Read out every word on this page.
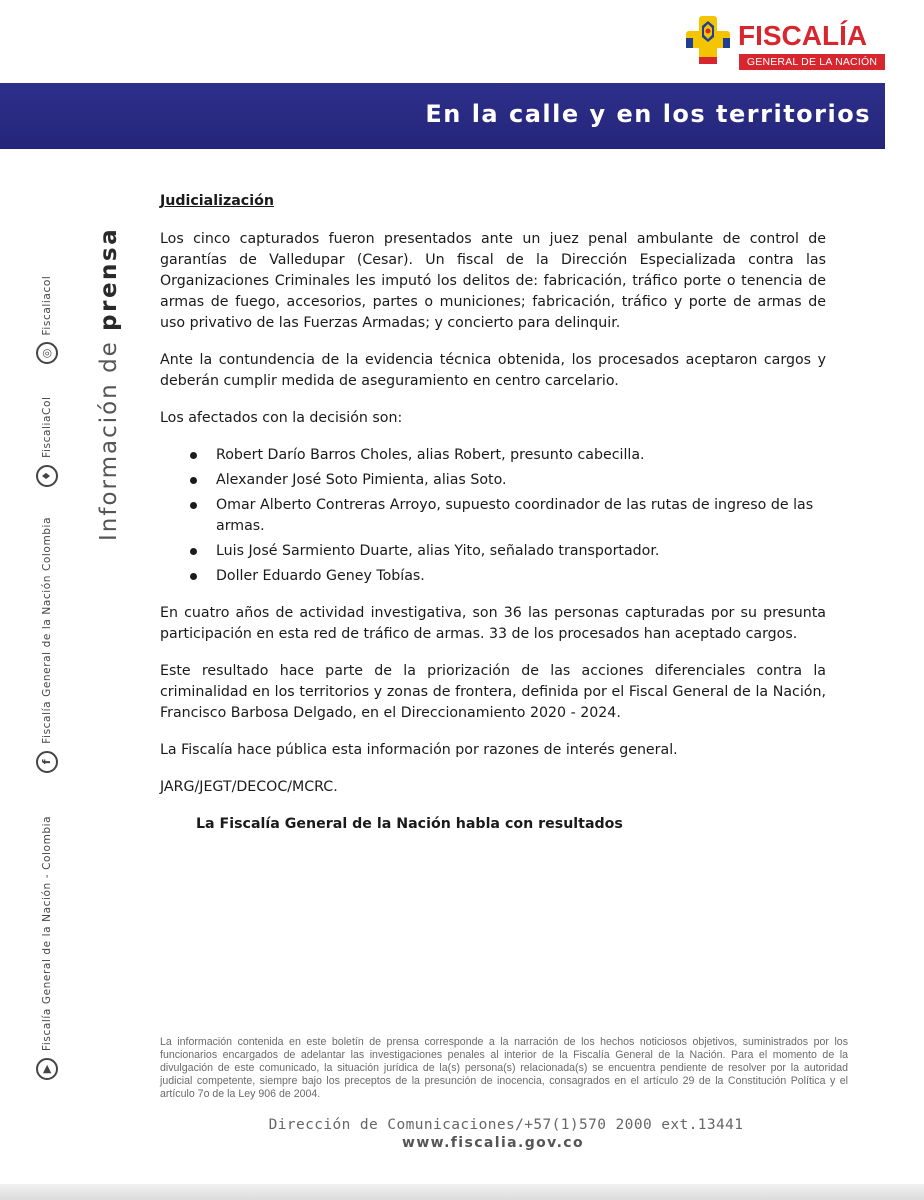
FISCALÍA
GENERAL DE LA NACIÓN
En la calle y en los territorios
▶Fiscalía General de la Nación - ColombiafFiscalía General de la Nación Colombia♦FiscaliaCol◎Fiscaliacol
Información de prensa
Judicialización

Los cinco capturados fueron presentados ante un juez penal ambulante de control de garantías de Valledupar (Cesar). Un fiscal de la Dirección Especializada contra las Organizaciones Criminales les imputó los delitos de: fabricación, tráfico porte o tenencia de armas de fuego, accesorios, partes o municiones; fabricación, tráfico y porte de armas de uso privativo de las Fuerzas Armadas; y concierto para delinquir.

Ante la contundencia de la evidencia técnica obtenida, los procesados aceptaron cargos y deberán cumplir medida de aseguramiento en centro carcelario.

Los afectados con la decisión son:

Robert Darío Barros Choles, alias Robert, presunto cabecilla.
Alexander José Soto Pimienta, alias Soto.
Omar Alberto Contreras Arroyo, supuesto coordinador de las rutas de ingreso de las armas.
Luis José Sarmiento Duarte, alias Yito, señalado transportador.
Doller Eduardo Geney Tobías.

En cuatro años de actividad investigativa, son 36 las personas capturadas por su presunta participación en esta red de tráfico de armas. 33 de los procesados han aceptado cargos.

Este resultado hace parte de la priorización de las acciones diferenciales contra la criminalidad en los territorios y zonas de frontera, definida por el Fiscal General de la Nación, Francisco Barbosa Delgado, en el Direccionamiento 2020 - 2024.

La Fiscalía hace pública esta información por razones de interés general.

JARG/JEGT/DECOC/MCRC.

La Fiscalía General de la Nación habla con resultados

La información contenida en este boletín de prensa corresponde a la narración de los hechos noticiosos objetivos, suministrados por los funcionarios encargados de adelantar las investigaciones penales al interior de la Fiscalía General de la Nación. Para el momento de la divulgación de este comunicado, la situación jurídica de la(s) persona(s) relacionada(s) se encuentra pendiente de resolver por la autoridad judicial competente, siempre bajo los preceptos de la presunción de inocencia, consagrados en el artículo 29 de la Constitución Política y el artículo 7o de la Ley 906 de 2004.

Dirección de Comunicaciones/+57(1)570 2000 ext.13441
www.fiscalia.gov.co
